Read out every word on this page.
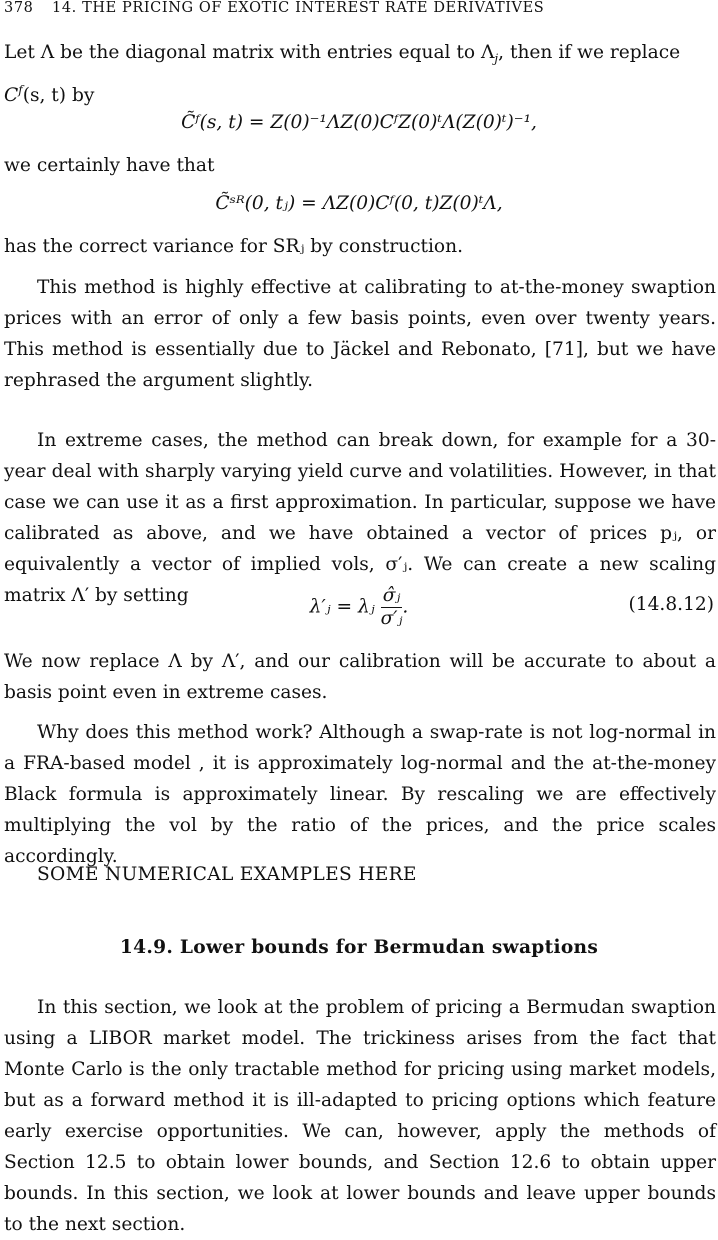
378 14. THE PRICING OF EXOTIC INTEREST RATE DERIVATIVES
Let Λ be the diagonal matrix with entries equal to $\Lambda_j$, then if we replace
$C^f(s$, t) by
C̃ᶠ(s, t) = Z(0)⁻¹ΛZ(0)CᶠZ(0)ᵗΛ(Z(0)ᵗ)⁻¹,
we certainly have that
C̃ˢᴿ(0, tⱼ) = ΛZ(0)Cᶠ(0, t)Z(0)ᵗΛ,
has the correct variance for SRⱼ by construction.
This method is highly effective at calibrating to at-the-money swaption prices with an error of only a few basis points, even over twenty years. This method is essentially due to Jäckel and Rebonato, [71], but we have rephrased the argument slightly.
In extreme cases, the method can break down, for example for a 30-year deal with sharply varying yield curve and volatilities. However, in that case we can use it as a first approximation. In particular, suppose we have calibrated as above, and we have obtained a vector of prices pⱼ, or equivalently a vector of implied vols, σ′ⱼ. We can create a new scaling matrix Λ′ by setting
λ′ⱼ = λⱼ $\frac{\text{σ̂ⱼ}}{\text{σ′ⱼ}}$ .	(14.8.12)
We now replace Λ by Λ′, and our calibration will be accurate to about a basis point even in extreme cases.
Why does this method work? Although a swap-rate is not log-normal in a FRA-based model , it is approximately log-normal and the at-the-money Black formula is approximately linear. By rescaling we are effectively multiplying the vol by the ratio of the prices, and the price scales accordingly.
SOME NUMERICAL EXAMPLES HERE
14.9. Lower bounds for Bermudan swaptions
In this section, we look at the problem of pricing a Bermudan swaption using a LIBOR market model. The trickiness arises from the fact that Monte Carlo is the only tractable method for pricing using market models, but as a forward method it is ill-adapted to pricing options which feature early exercise opportunities. We can, however, apply the methods of Section 12.5 to obtain lower bounds, and Section 12.6 to obtain upper bounds. In this section, we look at lower bounds and leave upper bounds to the next section.
